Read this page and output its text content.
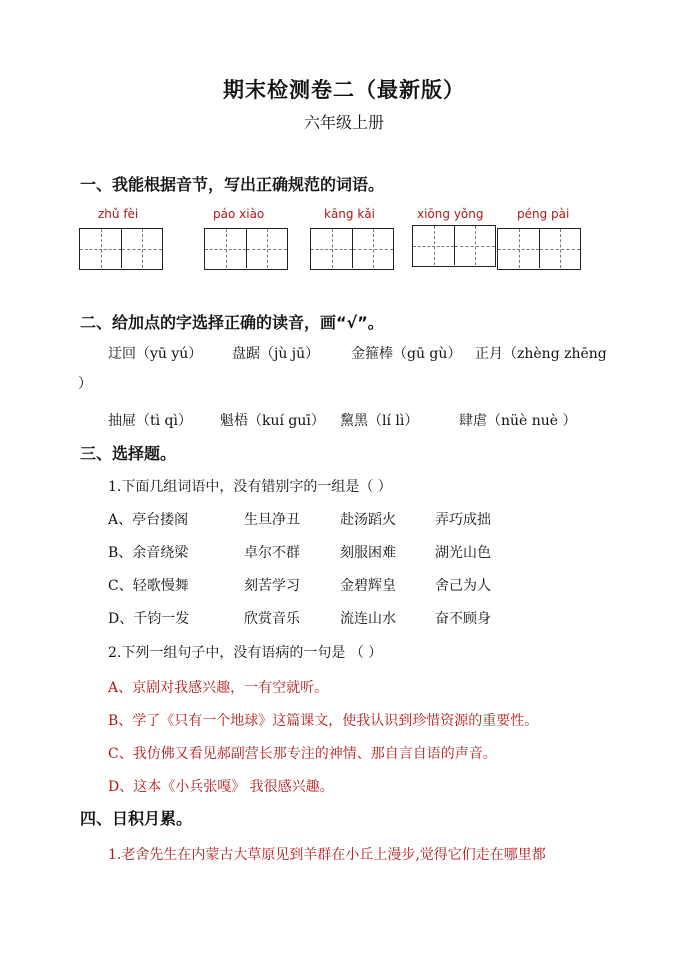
期末检测卷二（最新版）
六年级上册
一、我能根据音节，写出正确规范的词语。
zhǔ fèi	páo xiào	kāng kǎi	xiōng yǒng	péng pài
二、给加点的字选择正确的读音，画“√”。
迂回（yū yú） 盘踞（jù jū） 金箍棒（gū gù） 正月（zhèng zhēng
）
抽屉（tì qì） 魁梧（kuí guī） 黧黑（lí lì）	肆虐（nüè nuè ）
三、选择题。
1.下面几组词语中，没有错别字的一组是（ ）
A、亭台搂阁	生旦净丑	赴汤蹈火	弄巧成拙
B、余音绕梁	卓尔不群	刻服困难	湖光山色
C、轻歌慢舞	刻苦学习	金碧辉皇	舍己为人
D、千钧一发	欣赏音乐	流连山水	奋不顾身
2.下列一组句子中，没有语病的一句是 （ ）
A、京剧对我感兴趣，一有空就听。
B、学了《只有一个地球》这篇课文，使我认识到珍惜资源的重要性。
C、我仿佛又看见郝副营长那专注的神情、那自言自语的声音。
D、这本《小兵张嘎》 我很感兴趣。
四、日积月累。
1.老舍先生在内蒙古大草原见到羊群在小丘上漫步,觉得它们走在哪里都
